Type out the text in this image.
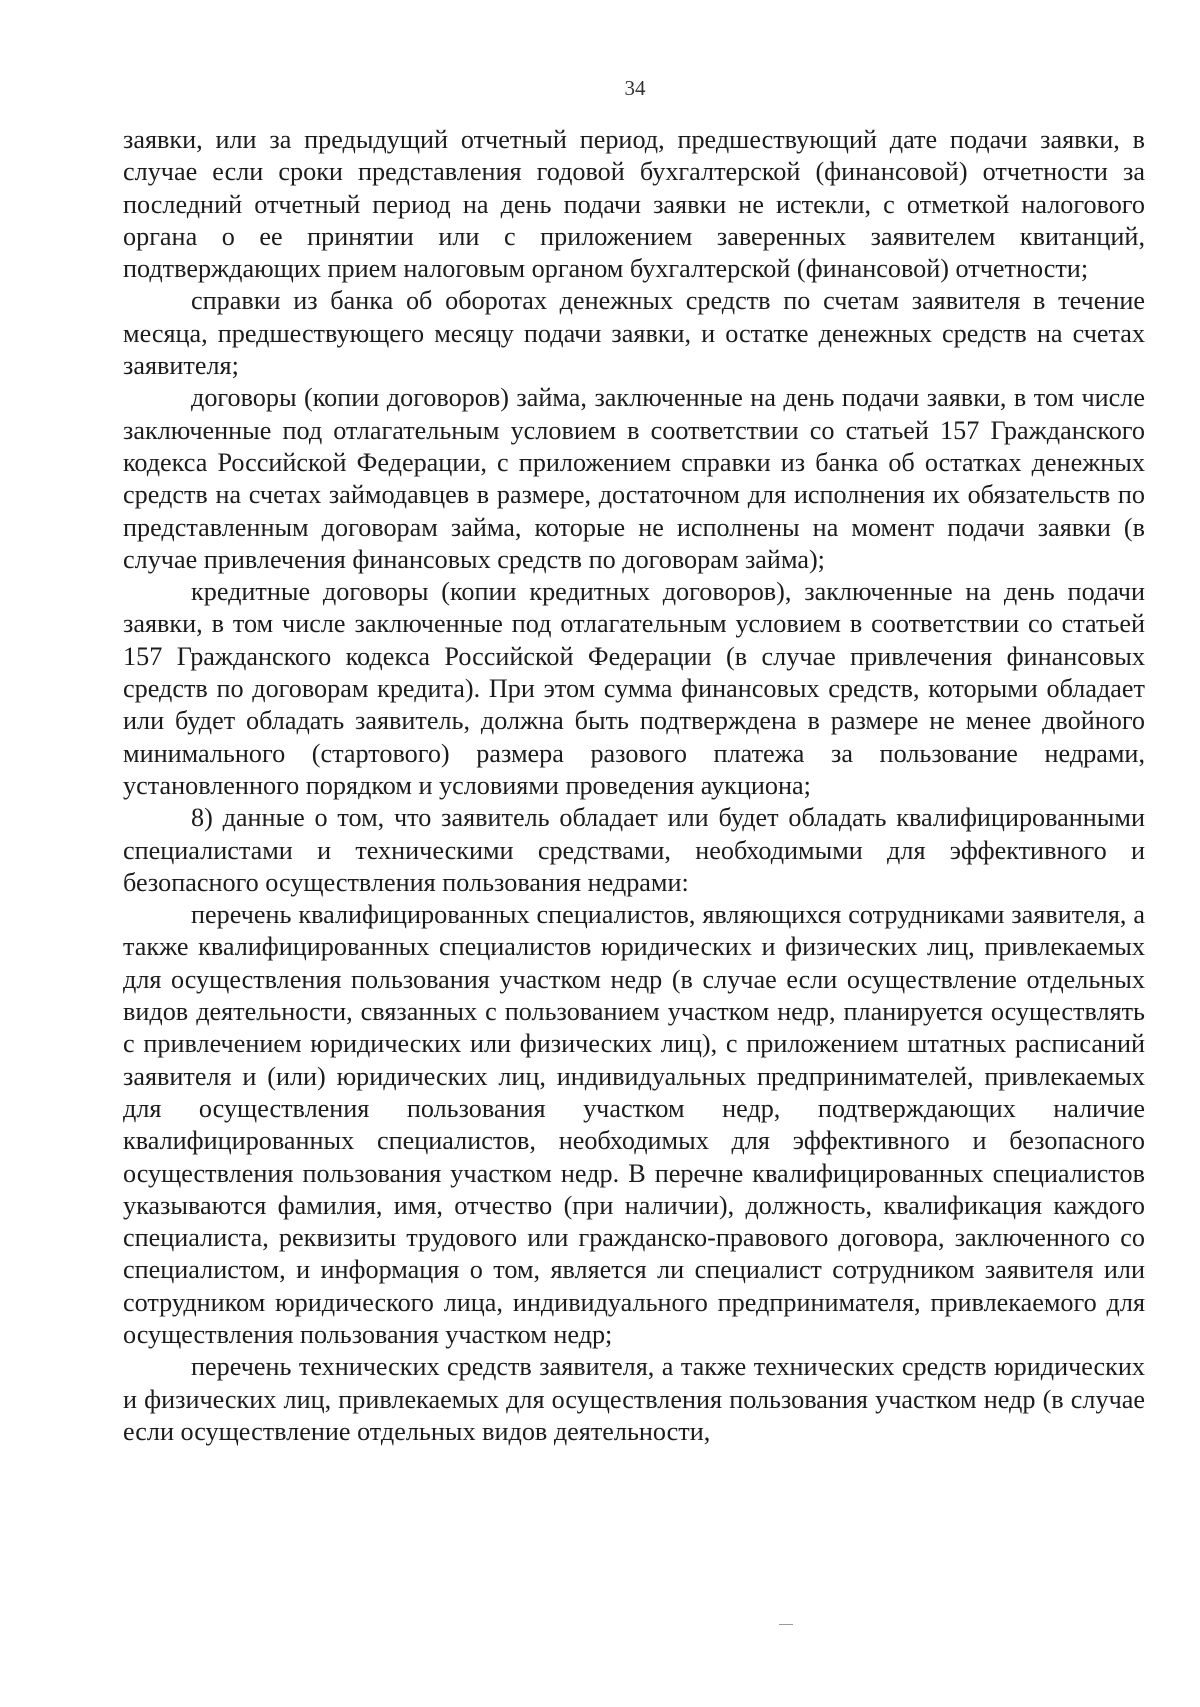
34

заявки, или за предыдущий отчетный период, предшествующий дате подачи заявки, в случае если сроки представления годовой бухгалтерской (финансовой) отчетности за последний отчетный период на день подачи заявки не истекли, с отметкой налогового органа о ее принятии или с приложением заверенных заявителем квитанций, подтверждающих прием налоговым органом бухгалтерской (финансовой) отчетности;

справки из банка об оборотах денежных средств по счетам заявителя в течение месяца, предшествующего месяцу подачи заявки, и остатке денежных средств на счетах заявителя;

договоры (копии договоров) займа, заключенные на день подачи заявки, в том числе заключенные под отлагательным условием в соответствии со статьей 157 Гражданского кодекса Российской Федерации, с приложением справки из банка об остатках денежных средств на счетах займодавцев в размере, достаточном для исполнения их обязательств по представленным договорам займа, которые не исполнены на момент подачи заявки (в случае привлечения финансовых средств по договорам займа);

кредитные договоры (копии кредитных договоров), заключенные на день подачи заявки, в том числе заключенные под отлагательным условием в соответствии со статьей 157 Гражданского кодекса Российской Федерации (в случае привлечения финансовых средств по договорам кредита). При этом сумма финансовых средств, которыми обладает или будет обладать заявитель, должна быть подтверждена в размере не менее двойного минимального (стартового) размера разового платежа за пользование недрами, установленного порядком и условиями проведения аукциона;

8) данные о том, что заявитель обладает или будет обладать квалифицированными специалистами и техническими средствами, необходимыми для эффективного и безопасного осуществления пользования недрами:

перечень квалифицированных специалистов, являющихся сотрудниками заявителя, а также квалифицированных специалистов юридических и физических лиц, привлекаемых для осуществления пользования участком недр (в случае если осуществление отдельных видов деятельности, связанных с пользованием участком недр, планируется осуществлять с привлечением юридических или физических лиц), с приложением штатных расписаний заявителя и (или) юридических лиц, индивидуальных предпринимателей, привлекаемых для осуществления пользования участком недр, подтверждающих наличие квалифицированных специалистов, необходимых для эффективного и безопасного осуществления пользования участком недр. В перечне квалифицированных специалистов указываются фамилия, имя, отчество (при наличии), должность, квалификация каждого специалиста, реквизиты трудового или гражданско-правового договора, заключенного со специалистом, и информация о том, является ли специалист сотрудником заявителя или сотрудником юридического лица, индивидуального предпринимателя, привлекаемого для осуществления пользования участком недр;

перечень технических средств заявителя, а также технических средств юридических и физических лиц, привлекаемых для осуществления пользования участком недр (в случае если осуществление отдельных видов деятельности,
